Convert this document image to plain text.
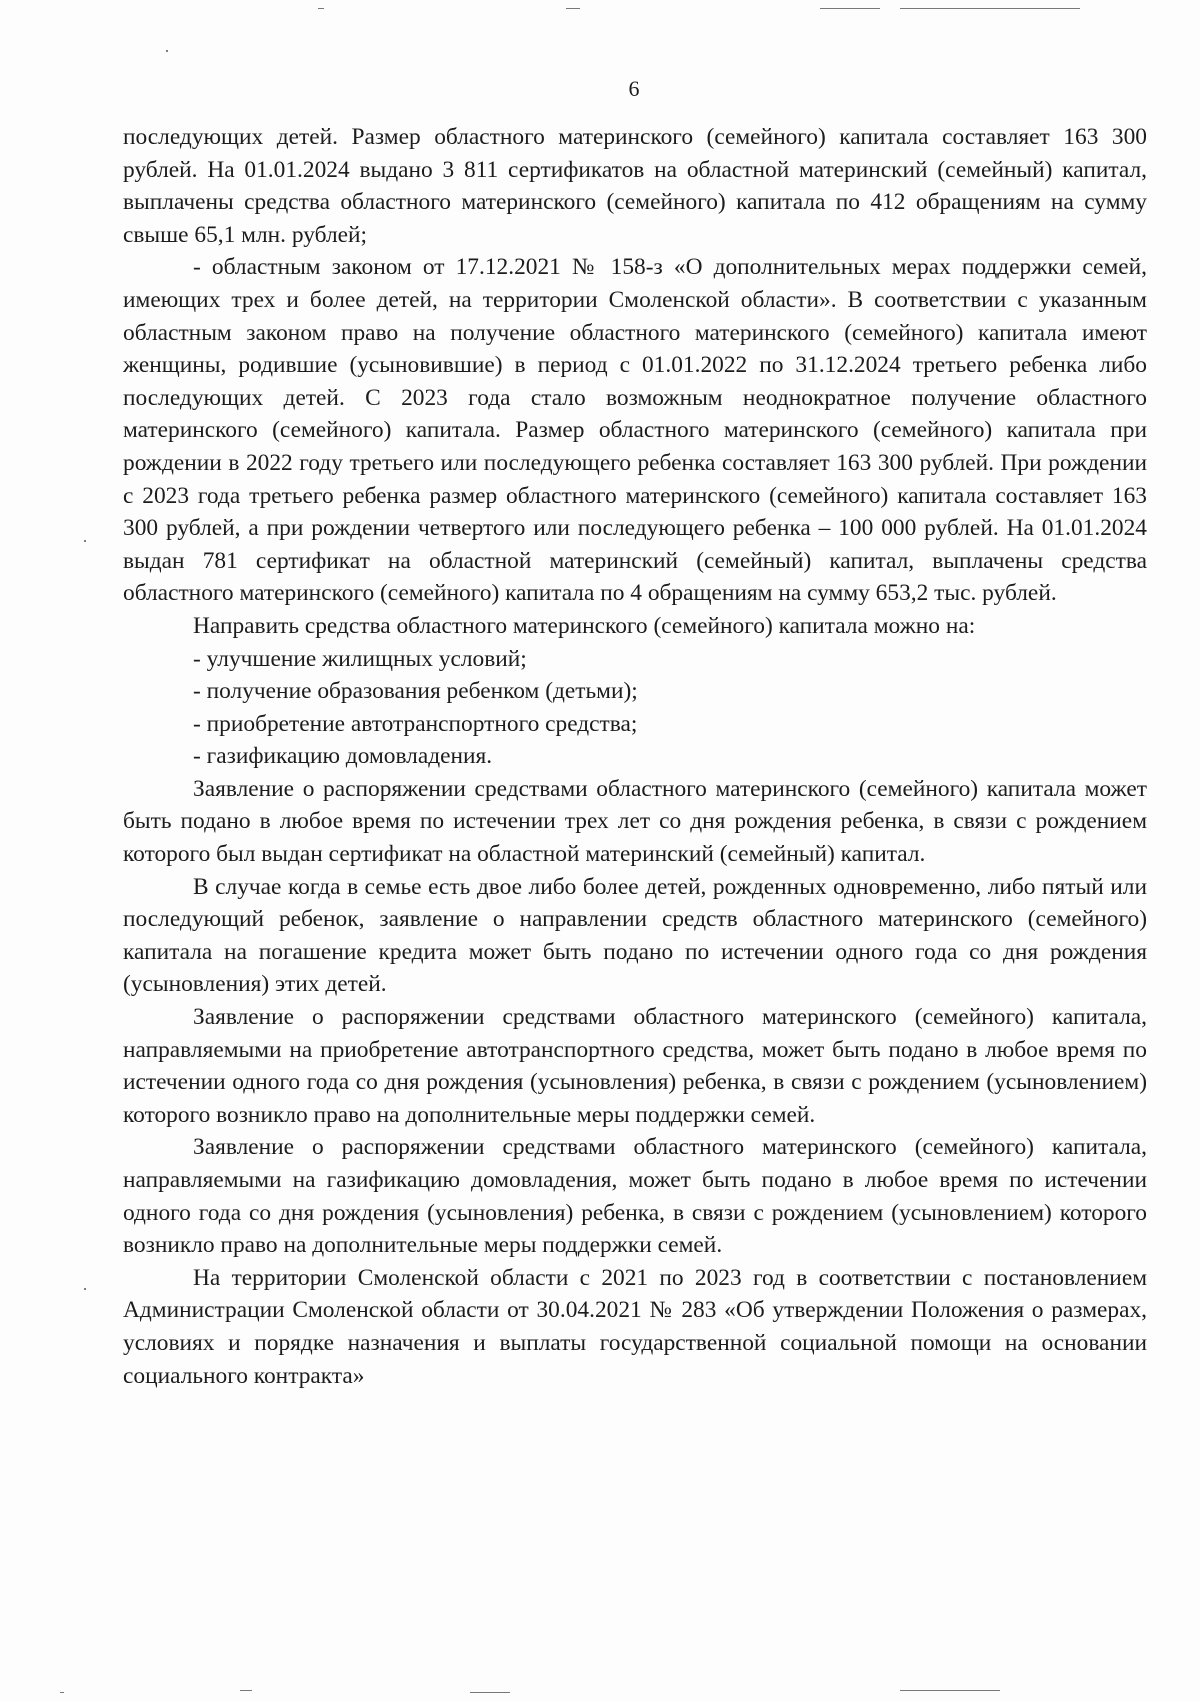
6

последующих детей. Размер областного материнского (семейного) капитала составляет 163 300 рублей. На 01.01.2024 выдано 3 811 сертификатов на областной материнский (семейный) капитал, выплачены средства областного материнского (семейного) капитала по 412 обращениям на сумму свыше 65,1 млн. рублей;

- областным законом от 17.12.2021 № 158-з «О дополнительных мерах поддержки семей, имеющих трех и более детей, на территории Смоленской области». В соответствии с указанным областным законом право на получение областного материнского (семейного) капитала имеют женщины, родившие (усыновившие) в период с 01.01.2022 по 31.12.2024 третьего ребенка либо последующих детей. С 2023 года стало возможным неоднократное получение областного материнского (семейного) капитала. Размер областного материнского (семейного) капитала при рождении в 2022 году третьего или последующего ребенка составляет 163 300 рублей. При рождении с 2023 года третьего ребенка размер областного материнского (семейного) капитала составляет 163 300 рублей, а при рождении четвертого или последующего ребенка – 100 000 рублей. На 01.01.2024 выдан 781 сертификат на областной материнский (семейный) капитал, выплачены средства областного материнского (семейного) капитала по 4 обращениям на сумму 653,2 тыс. рублей.

Направить средства областного материнского (семейного) капитала можно на:

- улучшение жилищных условий;

- получение образования ребенком (детьми);

- приобретение автотранспортного средства;

- газификацию домовладения.

Заявление о распоряжении средствами областного материнского (семейного) капитала может быть подано в любое время по истечении трех лет со дня рождения ребенка, в связи с рождением которого был выдан сертификат на областной материнский (семейный) капитал.

В случае когда в семье есть двое либо более детей, рожденных одновременно, либо пятый или последующий ребенок, заявление о направлении средств областного материнского (семейного) капитала на погашение кредита может быть подано по истечении одного года со дня рождения (усыновления) этих детей.

Заявление о распоряжении средствами областного материнского (семейного) капитала, направляемыми на приобретение автотранспортного средства, может быть подано в любое время по истечении одного года со дня рождения (усыновления) ребенка, в связи с рождением (усыновлением) которого возникло право на дополнительные меры поддержки семей.

Заявление о распоряжении средствами областного материнского (семейного) капитала, направляемыми на газификацию домовладения, может быть подано в любое время по истечении одного года со дня рождения (усыновления) ребенка, в связи с рождением (усыновлением) которого возникло право на дополнительные меры поддержки семей.

На территории Смоленской области с 2021 по 2023 год в соответствии с постановлением Администрации Смоленской области от 30.04.2021 № 283 «Об утверждении Положения о размерах, условиях и порядке назначения и выплаты государственной социальной помощи на основании социального контракта»
